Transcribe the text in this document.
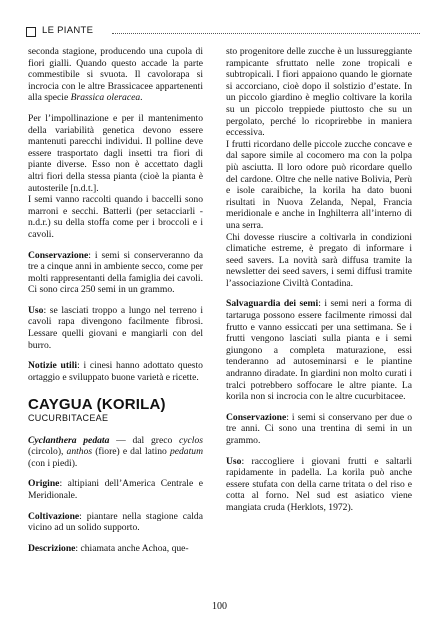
LE PIANTE

seconda stagione, producendo una cupola di fiori gialli. Quando questo accade la parte commestibile si svuota. Il cavolorapa si incrocia con le altre Brassicacee appartenenti alla specie Brassica oleracea.

Per l’impollinazione e per il mantenimento della variabilità genetica devono essere mantenuti parecchi individui. Il polline deve essere trasportato dagli insetti tra fiori di piante diverse. Esso non è accettato dagli altri fiori della stessa pianta (cioè la pianta è autosterile [n.d.t.].

I semi vanno raccolti quando i baccelli sono marroni e secchi. Batterli (per setacciarli - n.d.r.) su della stoffa come per i broccoli e i cavoli.

Conservazione: i semi si conserveranno da tre a cinque anni in ambiente secco, come per molti rappresentanti della famiglia dei cavoli. Ci sono circa 250 semi in un grammo.

Uso: se lasciati troppo a lungo nel terreno i cavoli rapa divengono facilmente fibrosi. Lessare quelli giovani e mangiarli con del burro.

Notizie utili: i cinesi hanno adottato questo ortaggio e sviluppato buone varietà e ricette.

CAYGUA (KORILA)
CUCURBITACEAE

Cyclanthera pedata — dal greco cyclos (circolo), anthos (fiore) e dal latino pedatum (con i piedi).

Origine: altipiani dell’America Centrale e Meridionale.

Coltivazione: piantare nella stagione calda vicino ad un solido supporto.

Descrizione: chiamata anche Achoa, que-

sto progenitore delle zucche è un lussureggiante rampicante sfruttato nelle zone tropicali e subtropicali. I fiori appaiono quando le giornate si accorciano, cioè dopo il solstizio d’estate. In un piccolo giardino è meglio coltivare la korila su un piccolo treppiede piuttosto che su un pergolato, perché lo ricoprirebbe in maniera eccessiva.

I frutti ricordano delle piccole zucche concave e dal sapore simile al cocomero ma con la polpa più asciutta. Il loro odore può ricordare quello del cardone. Oltre che nelle native Bolivia, Perù e isole caraibiche, la korila ha dato buoni risultati in Nuova Zelanda, Nepal, Francia meridionale e anche in Inghilterra all’interno di una serra.

Chi dovesse riuscire a coltivarla in condizioni climatiche estreme, è pregato di informare i seed savers. La novità sarà diffusa tramite la newsletter dei seed savers, i semi diffusi tramite l’associazione Civiltà Contadina.

Salvaguardia dei semi: i semi neri a forma di tartaruga possono essere facilmente rimossi dal frutto e vanno essiccati per una settimana. Se i frutti vengono lasciati sulla pianta e i semi giungono a completa maturazione, essi tenderanno ad autoseminarsi e le piantine andranno diradate. In giardini non molto curati i tralci potrebbero soffocare le altre piante. La korila non si incrocia con le altre cucurbitacee.

Conservazione: i semi si conservano per due o tre anni. Ci sono una trentina di semi in un grammo.

Uso: raccogliere i giovani frutti e saltarli rapidamente in padella. La korila può anche essere stufata con della carne tritata o del riso e cotta al forno. Nel sud est asiatico viene mangiata cruda (Herklots, 1972).

100
